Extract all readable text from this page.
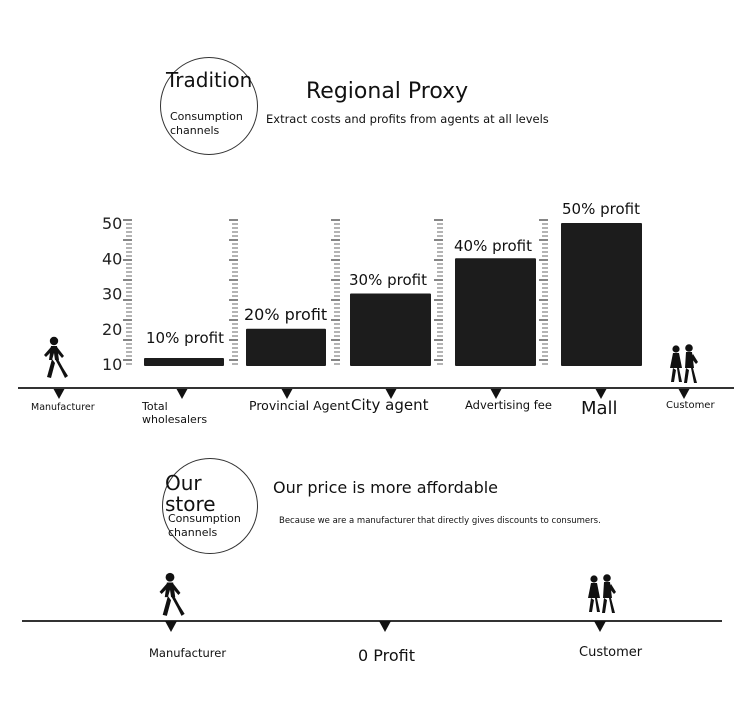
Tradition
Consumption
channels
Regional Proxy
Extract costs and profits from agents at all levels
10
20
30
40
50
10% profit
20% profit
30% profit
40% profit
50% profit
Manufacturer	Total
wholesalers
Provincial Agent City agent	Advertising fee Mall	Customer
Our
store
Consumption
channels
Our price is more affordable
Because we are a manufacturer that directly gives discounts to consumers.
Manufacturer	0 Profit	Customer
